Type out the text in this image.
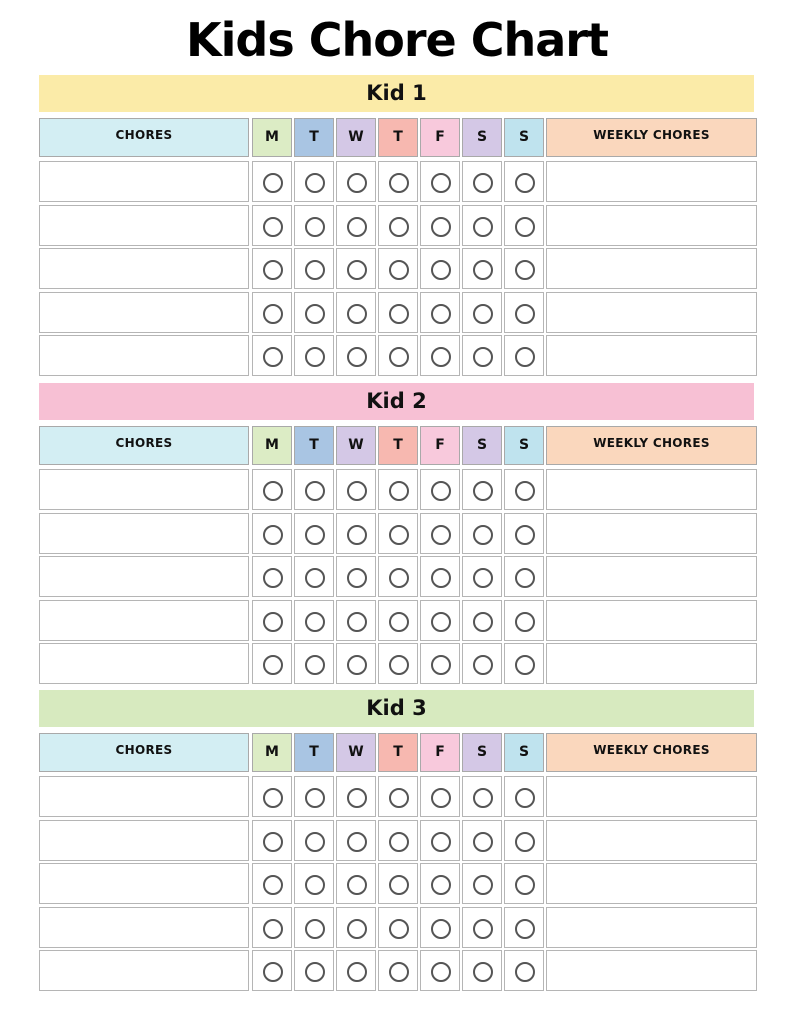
Kids Chore Chart
Kid 1
CHORES	M	T	W	T	F	S	S	WEEKLY CHORES
Kid 2
CHORES	M	T	W	T	F	S	S	WEEKLY CHORES
Kid 3
CHORES	M	T	W	T	F	S	S	WEEKLY CHORES
